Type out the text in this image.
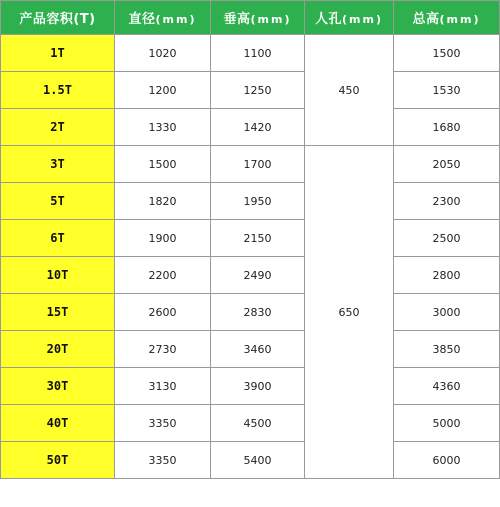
产品容积(T)	直径(mm)	垂高(mm)	人孔(mm)	总高(mm)
1T	1020	1100	450	1500
1.5T	1200	1250		1530
2T	1330	1420		1680
3T	1500	1700	650	2050
5T	1820	1950		2300
6T	1900	2150		2500
10T	2200	2490		2800
15T	2600	2830		3000
20T	2730	3460		3850
30T	3130	3900		4360
40T	3350	4500		5000
50T	3350	5400		6000
